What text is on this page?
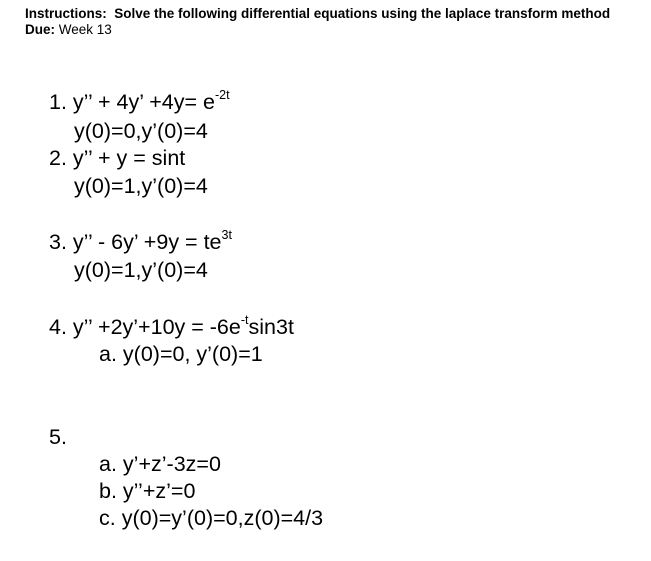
Instructions: Solve the following differential equations using the laplace transform method
Due: Week 13
1. y’’ + 4y’ $+4y= e^{-2t}$
y(0)=0,y’(0)=4
2. y’’ + y = sint
y(0)=1,y’(0)=4
3. y’’ - 6y’ $+9y = te^{3t}$
y(0)=1,y’(0)=4
4. y’’ +2y’+10y = $-6e^{-t}\sin 3t$
a. y(0)=0, y’(0)=1
5.
a. y’+z’-3z=0
b. y’’+z’=0
c. y(0)=y’(0)=0,z(0)=4/3
